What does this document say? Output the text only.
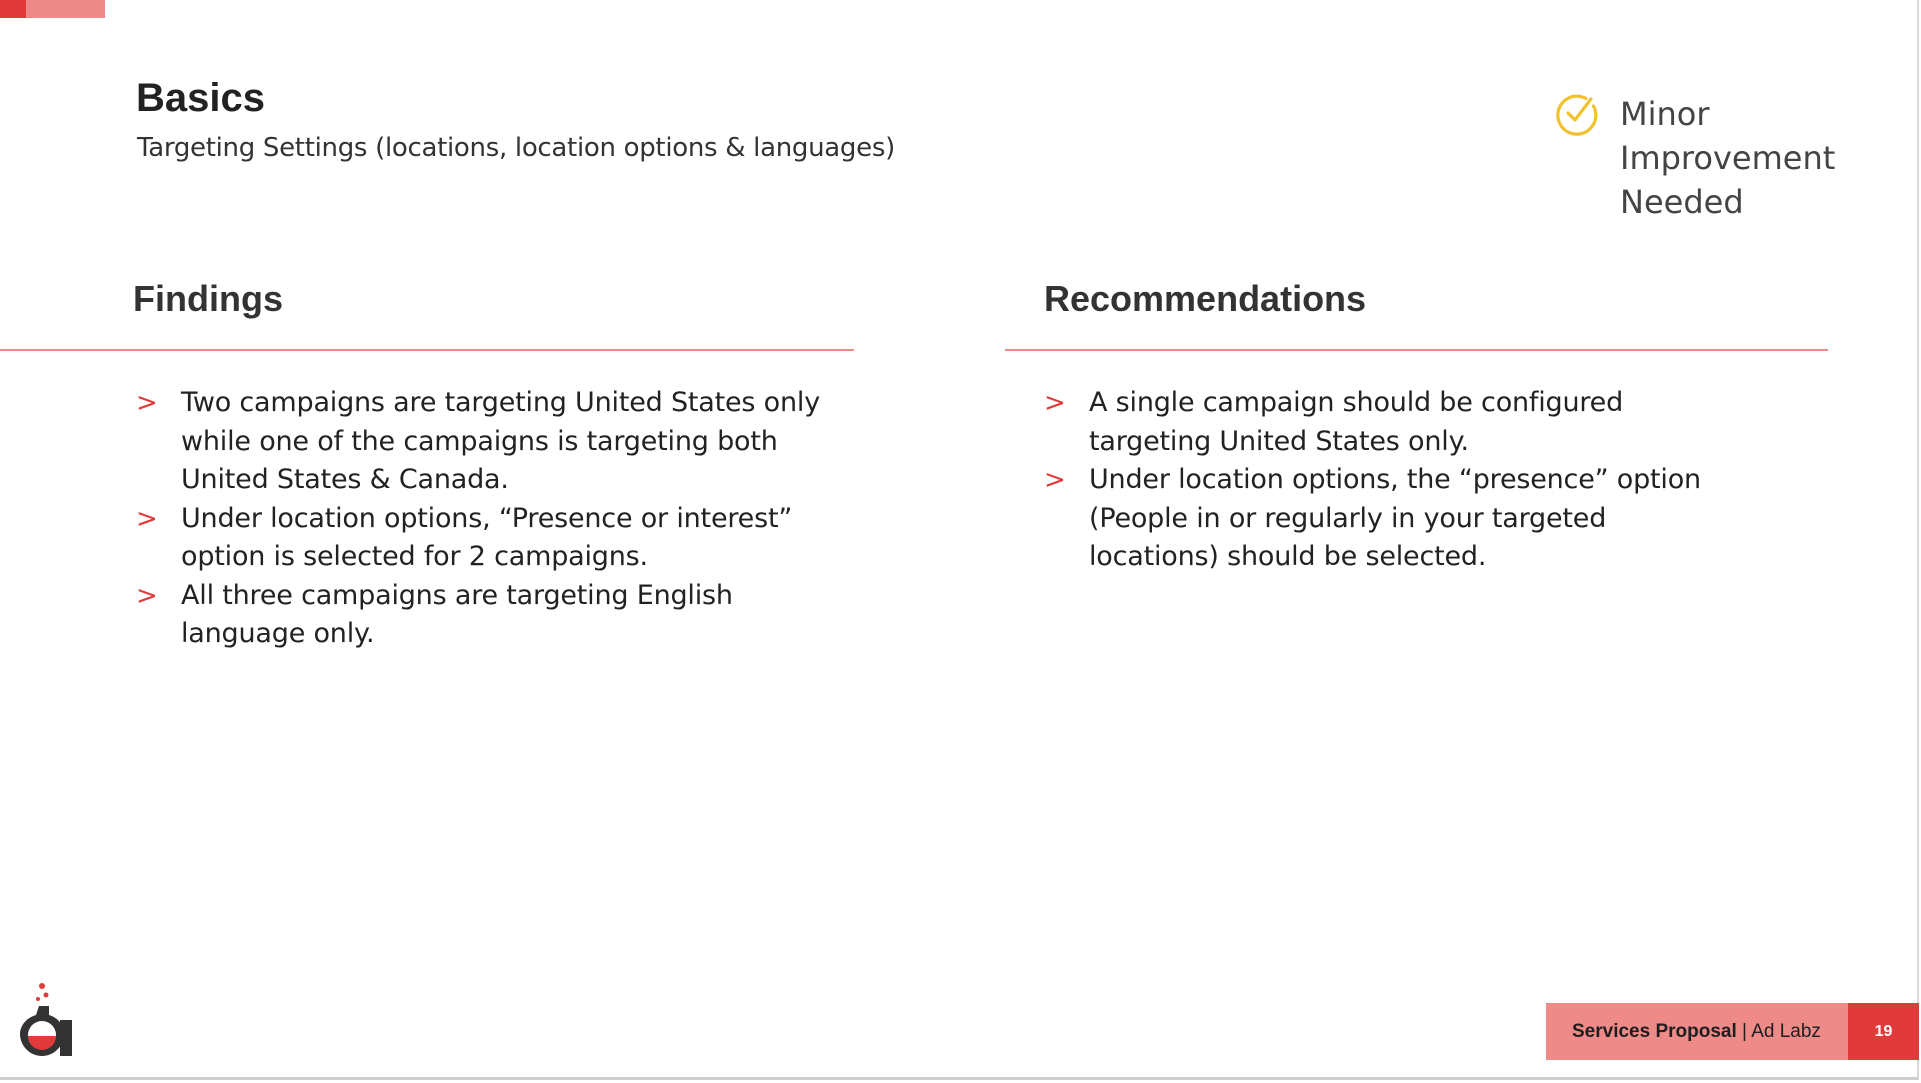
Basics
Targeting Settings (locations, location options & languages)
Minor
Improvement
Needed
Findings
> Two campaigns are targeting United States only while one of the campaigns is targeting both United States & Canada.
> Under location options, “Presence or interest” option is selected for 2 campaigns.
> All three campaigns are targeting English language only.
Recommendations
> A single campaign should be configured targeting United States only.
> Under location options, the “presence” option (People in or regularly in your targeted locations) should be selected.
Services Proposal | Ad Labz	19
